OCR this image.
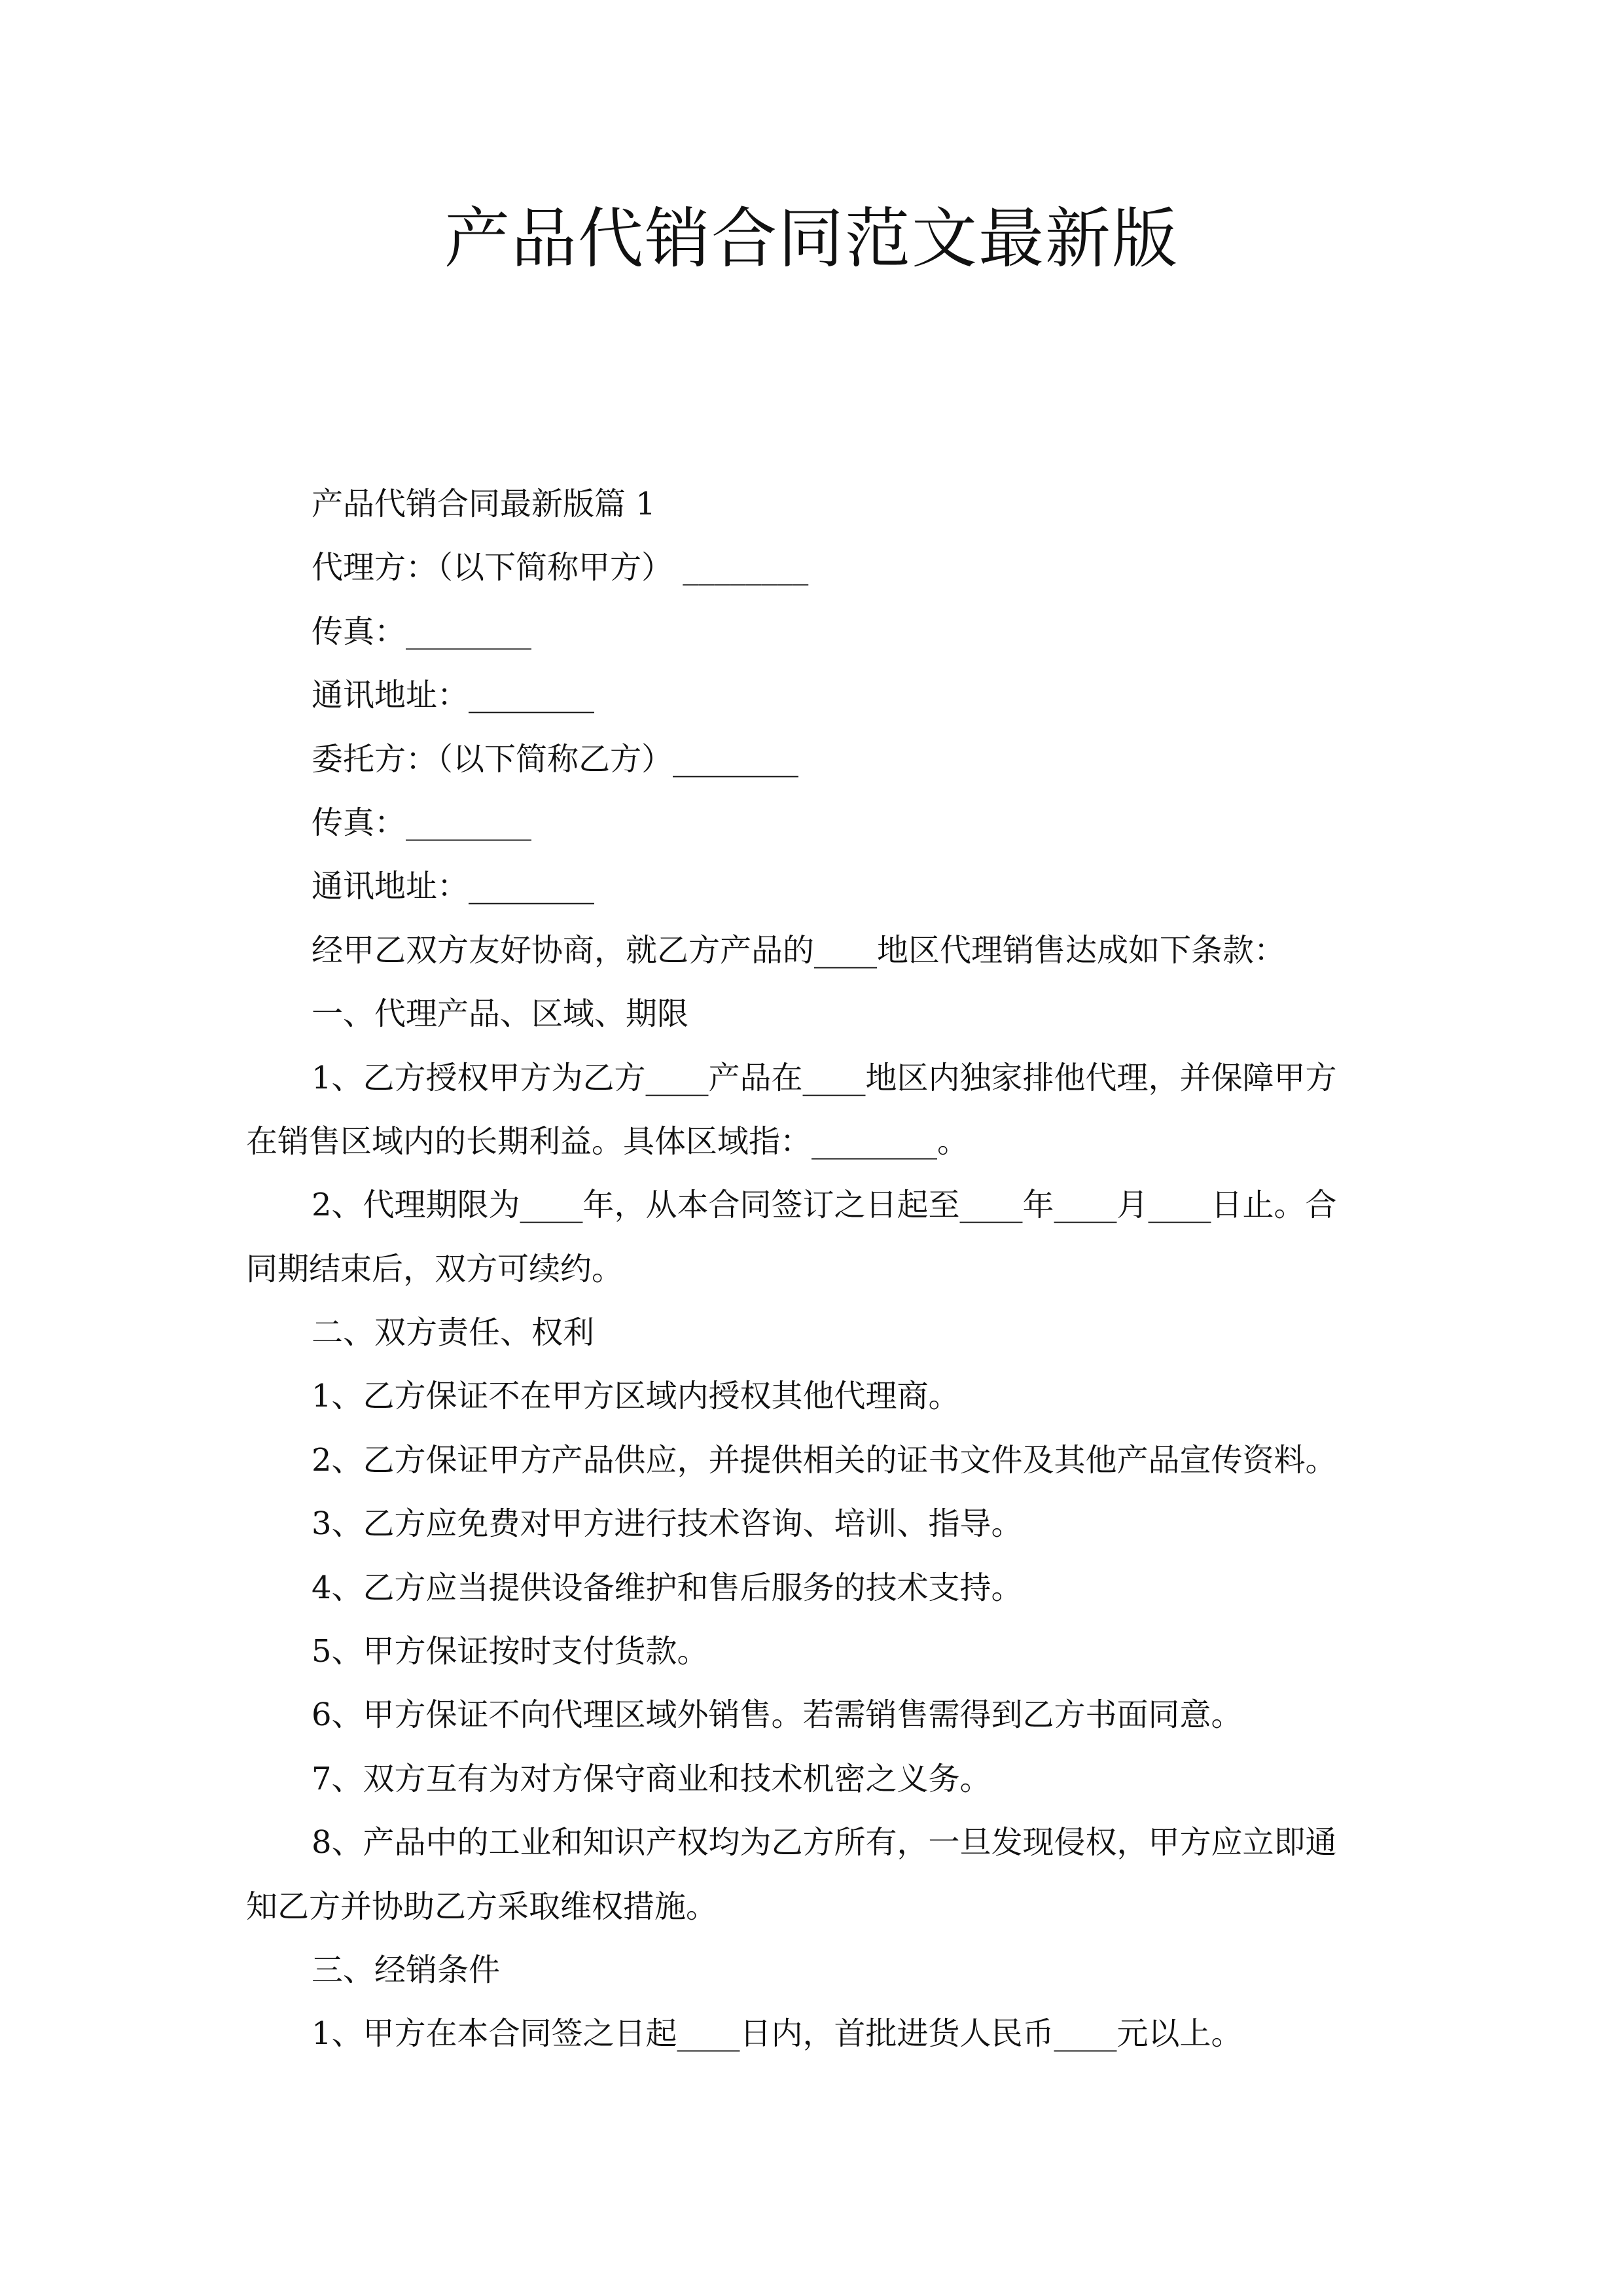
产品代销合同范文最新版
产品代销合同最新版篇 1
代理方：（以下简称甲方） ________
传真：________
通讯地址：________
委托方：（以下简称乙方）________
传真：________
通讯地址：________
经甲乙双方友好协商，就乙方产品的____地区代理销售达成如下条款：
一、代理产品、区域、期限
1、乙方授权甲方为乙方____产品在____地区内独家排他代理，并保障甲方
在销售区域内的长期利益。具体区域指：________。
2、代理期限为____年，从本合同签订之日起至____年____月____日止。合
同期结束后，双方可续约。
二、双方责任、权利
1、乙方保证不在甲方区域内授权其他代理商。
2、乙方保证甲方产品供应，并提供相关的证书文件及其他产品宣传资料。
3、乙方应免费对甲方进行技术咨询、培训、指导。
4、乙方应当提供设备维护和售后服务的技术支持。
5、甲方保证按时支付货款。
6、甲方保证不向代理区域外销售。若需销售需得到乙方书面同意。
7、双方互有为对方保守商业和技术机密之义务。
8、产品中的工业和知识产权均为乙方所有，一旦发现侵权，甲方应立即通
知乙方并协助乙方采取维权措施。
三、经销条件
1、甲方在本合同签之日起____日内，首批进货人民币____元以上。
